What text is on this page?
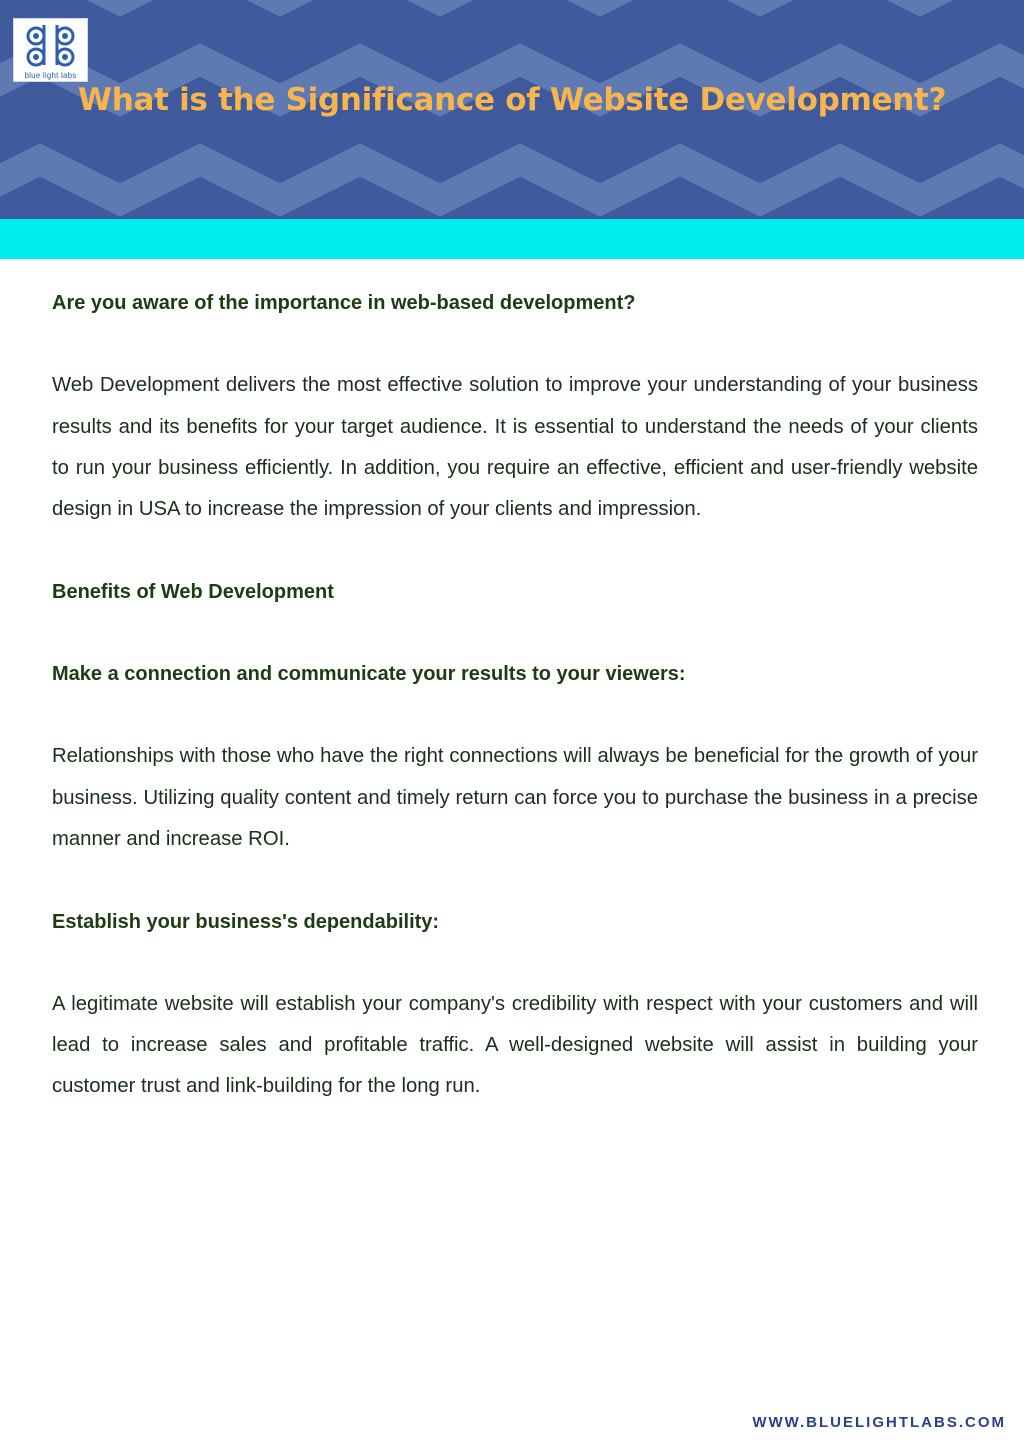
blue light labs
What is the Significance of Website Development?

Are you aware of the importance in web-based development?

Web Development delivers the most effective solution to improve your understanding of your business results and its benefits for your target audience. It is essential to understand the needs of your clients to run your business efficiently. In addition, you require an effective, efficient and user-friendly website design in USA to increase the impression of your clients and impression.

Benefits of Web Development

Make a connection and communicate your results to your viewers:

Relationships with those who have the right connections will always be beneficial for the growth of your business. Utilizing quality content and timely return can force you to purchase the business in a precise manner and increase ROI.

Establish your business's dependability:

A legitimate website will establish your company's credibility with respect with your customers and will lead to increase sales and profitable traffic. A well-designed website will assist in building your customer trust and link-building for the long run.

WWW.BLUELIGHTLABS.COM
